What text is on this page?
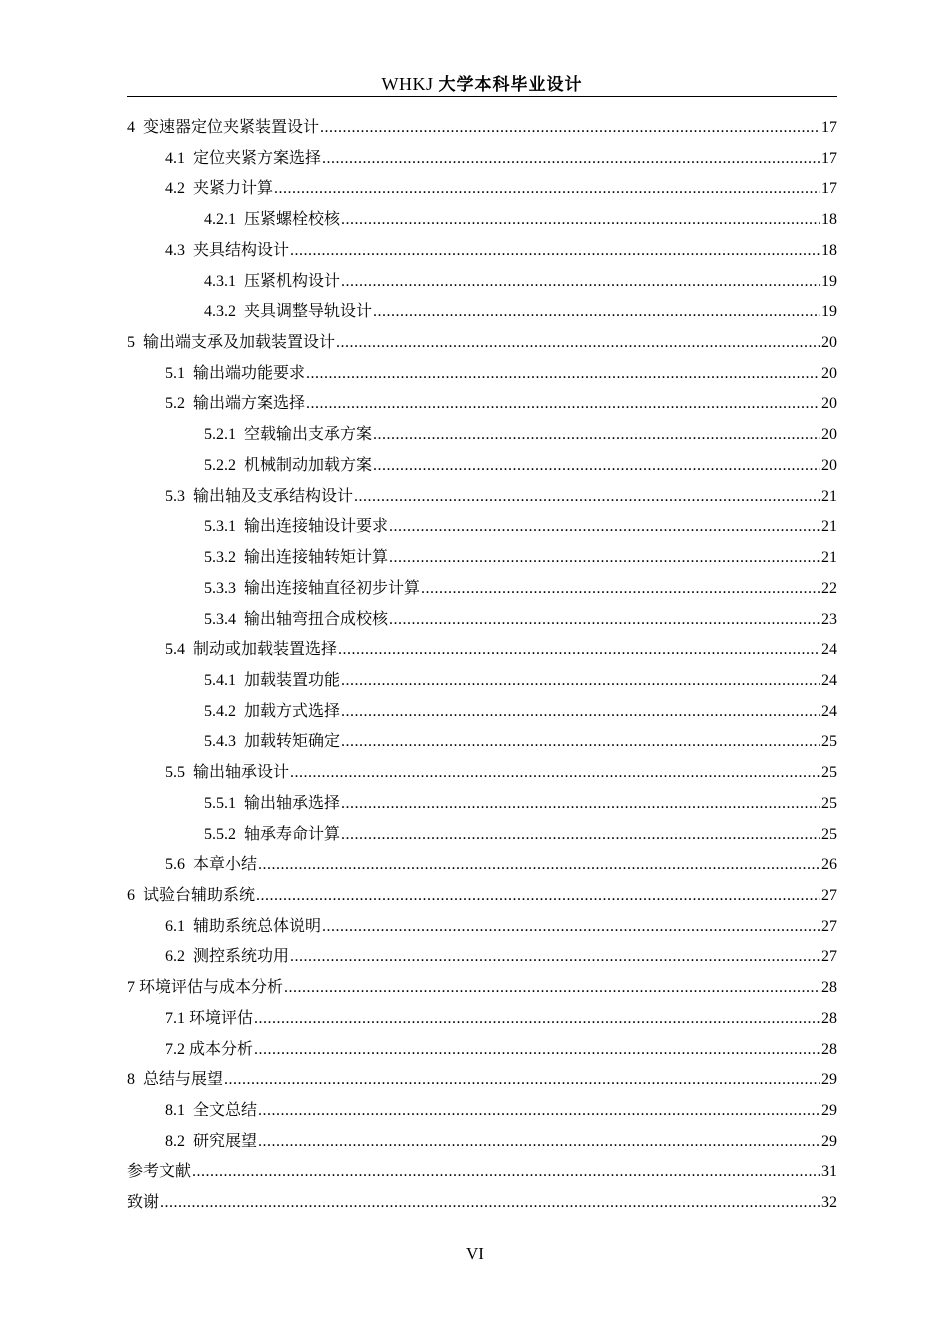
WHKJ 大学本科毕业设计
4 变速器定位夹紧装置设计 .....	17
4.1 定位夹紧方案选择 .....	17
4.2 夹紧力计算 .....	17
4.2.1 压紧螺栓校核 .....	18
4.3 夹具结构设计 .....	18
4.3.1 压紧机构设计 .....	19
4.3.2 夹具调整导轨设计 .....	19
5 输出端支承及加载装置设计 .....	20
5.1 输出端功能要求 .....	20
5.2 输出端方案选择 .....	20
5.2.1 空载输出支承方案 .....	20
5.2.2 机械制动加载方案 .....	20
5.3 输出轴及支承结构设计 .....	21
5.3.1 输出连接轴设计要求 .....	21
5.3.2 输出连接轴转矩计算 .....	21
5.3.3 输出连接轴直径初步计算 .....	22
5.3.4 输出轴弯扭合成校核 .....	23
5.4 制动或加载装置选择 .....	24
5.4.1 加载装置功能 .....	24
5.4.2 加载方式选择 .....	24
5.4.3 加载转矩确定 .....	25
5.5 输出轴承设计 .....	25
5.5.1 输出轴承选择 .....	25
5.5.2 轴承寿命计算 .....	25
5.6 本章小结 .....	26
6 试验台辅助系统 .....	27
6.1 辅助系统总体说明 .....	27
6.2 测控系统功用 .....	27
7 环境评估与成本分析 .....	28
7.1 环境评估 .....	28
7.2 成本分析 .....	28
8 总结与展望 .....	29
8.1 全文总结 .....	29
8.2 研究展望 .....	29
参考文献 .....	31
致谢 .....	32
VI
